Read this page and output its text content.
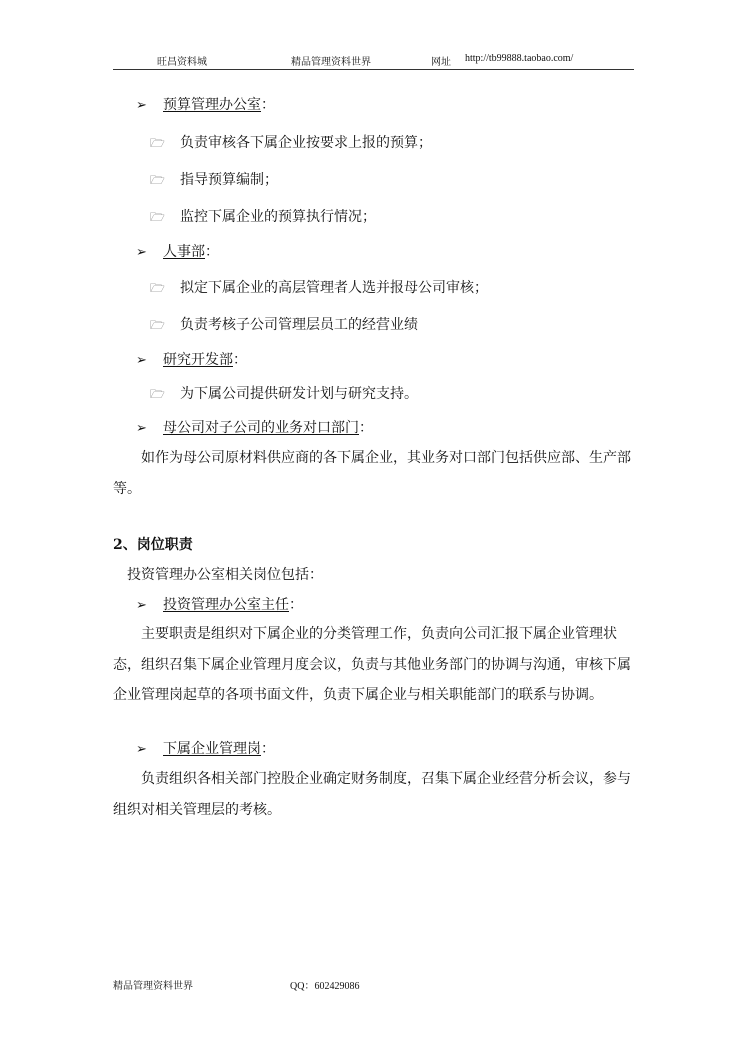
旺昌资料城	精品管理资料世界	网址 http://tb99888.taobao.com/
➢ 预算管理办公室：
🗁 负责审核各下属企业按要求上报的预算；
🗁 指导预算编制；
🗁 监控下属企业的预算执行情况；
➢ 人事部：
🗁 拟定下属企业的高层管理者人选并报母公司审核；
🗁 负责考核子公司管理层员工的经营业绩
➢ 研究开发部：
🗁 为下属公司提供研发计划与研究支持。
➢ 母公司对子公司的业务对口部门：
如作为母公司原材料供应商的各下属企业，其业务对口部门包括供应部、生产部等。
2、岗位职责
投资管理办公室相关岗位包括：
➢ 投资管理办公室主任：
主要职责是组织对下属企业的分类管理工作，负责向公司汇报下属企业管理状态，组织召集下属企业管理月度会议，负责与其他业务部门的协调与沟通，审核下属企业管理岗起草的各项书面文件，负责下属企业与相关职能部门的联系与协调。
➢ 下属企业管理岗：
负责组织各相关部门控股企业确定财务制度，召集下属企业经营分析会议，参与组织对相关管理层的考核。
精品管理资料世界	QQ：602429086
